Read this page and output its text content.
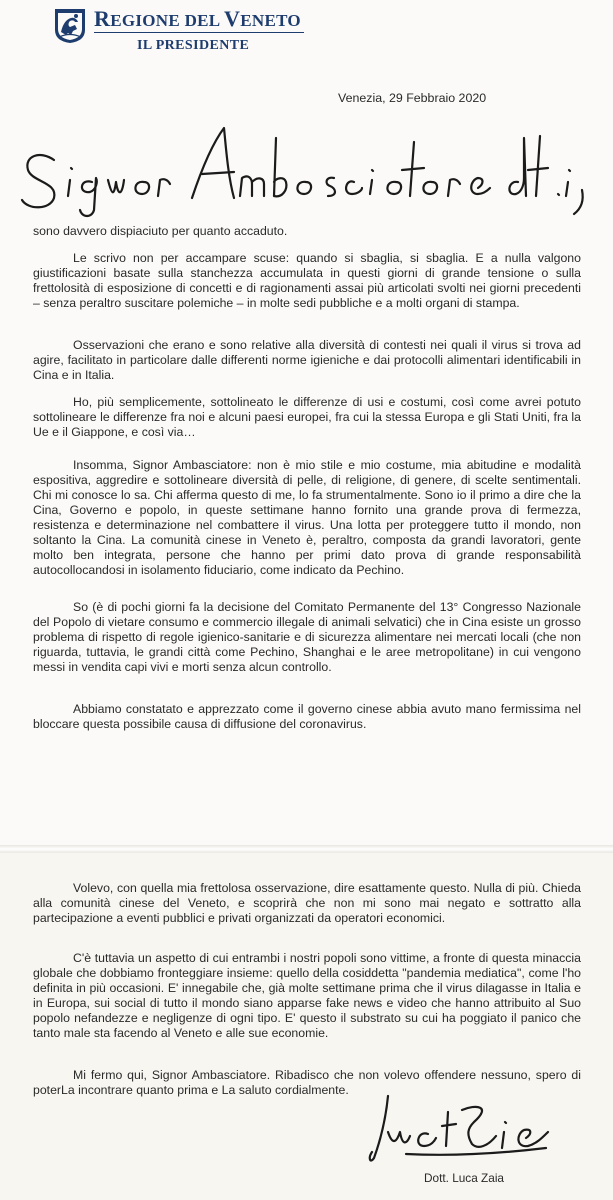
REGIONE DEL VENETO
IL PRESIDENTE
Venezia, 29 Febbraio 2020

sono davvero dispiaciuto per quanto accaduto.

Le scrivo non per accampare scuse: quando si sbaglia, si sbaglia. E a nulla valgono giustificazioni basate sulla stanchezza accumulata in questi giorni di grande tensione o sulla frettolosità di esposizione di concetti e di ragionamenti assai più articolati svolti nei giorni precedenti – senza peraltro suscitare polemiche – in molte sedi pubbliche e a molti organi di stampa.

Osservazioni che erano e sono relative alla diversità di contesti nei quali il virus si trova ad agire, facilitato in particolare dalle differenti norme igieniche e dai protocolli alimentari identificabili in Cina e in Italia.

Ho, più semplicemente, sottolineato le differenze di usi e costumi, così come avrei potuto sottolineare le differenze fra noi e alcuni paesi europei, fra cui la stessa Europa e gli Stati Uniti, fra la Ue e il Giappone, e così via…

Insomma, Signor Ambasciatore: non è mio stile e mio costume, mia abitudine e modalità espositiva, aggredire e sottolineare diversità di pelle, di religione, di genere, di scelte sentimentali. Chi mi conosce lo sa. Chi afferma questo di me, lo fa strumentalmente. Sono io il primo a dire che la Cina, Governo e popolo, in queste settimane hanno fornito una grande prova di fermezza, resistenza e determinazione nel combattere il virus. Una lotta per proteggere tutto il mondo, non soltanto la Cina. La comunità cinese in Veneto è, peraltro, composta da grandi lavoratori, gente molto ben integrata, persone che hanno per primi dato prova di grande responsabilità autocollocandosi in isolamento fiduciario, come indicato da Pechino.

So (è di pochi giorni fa la decisione del Comitato Permanente del 13° Congresso Nazionale del Popolo di vietare consumo e commercio illegale di animali selvatici) che in Cina esiste un grosso problema di rispetto di regole igienico-sanitarie e di sicurezza alimentare nei mercati locali (che non riguarda, tuttavia, le grandi città come Pechino, Shanghai e le aree metropolitane) in cui vengono messi in vendita capi vivi e morti senza alcun controllo.

Abbiamo constatato e apprezzato come il governo cinese abbia avuto mano fermissima nel bloccare questa possibile causa di diffusione del coronavirus.

Volevo, con quella mia frettolosa osservazione, dire esattamente questo. Nulla di più. Chieda alla comunità cinese del Veneto, e scoprirà che non mi sono mai negato e sottratto alla partecipazione a eventi pubblici e privati organizzati da operatori economici.

C'è tuttavia un aspetto di cui entrambi i nostri popoli sono vittime, a fronte di questa minaccia globale che dobbiamo fronteggiare insieme: quello della cosiddetta "pandemia mediatica", come l'ho definita in più occasioni. E' innegabile che, già molte settimane prima che il virus dilagasse in Italia e in Europa, sui social di tutto il mondo siano apparse fake news e video che hanno attribuito al Suo popolo nefandezze e negligenze di ogni tipo. E' questo il substrato su cui ha poggiato il panico che tanto male sta facendo al Veneto e alle sue economie.

Mi fermo qui, Signor Ambasciatore. Ribadisco che non volevo offendere nessuno, spero di poterLa incontrare quanto prima e La saluto cordialmente.

Dott. Luca Zaia
